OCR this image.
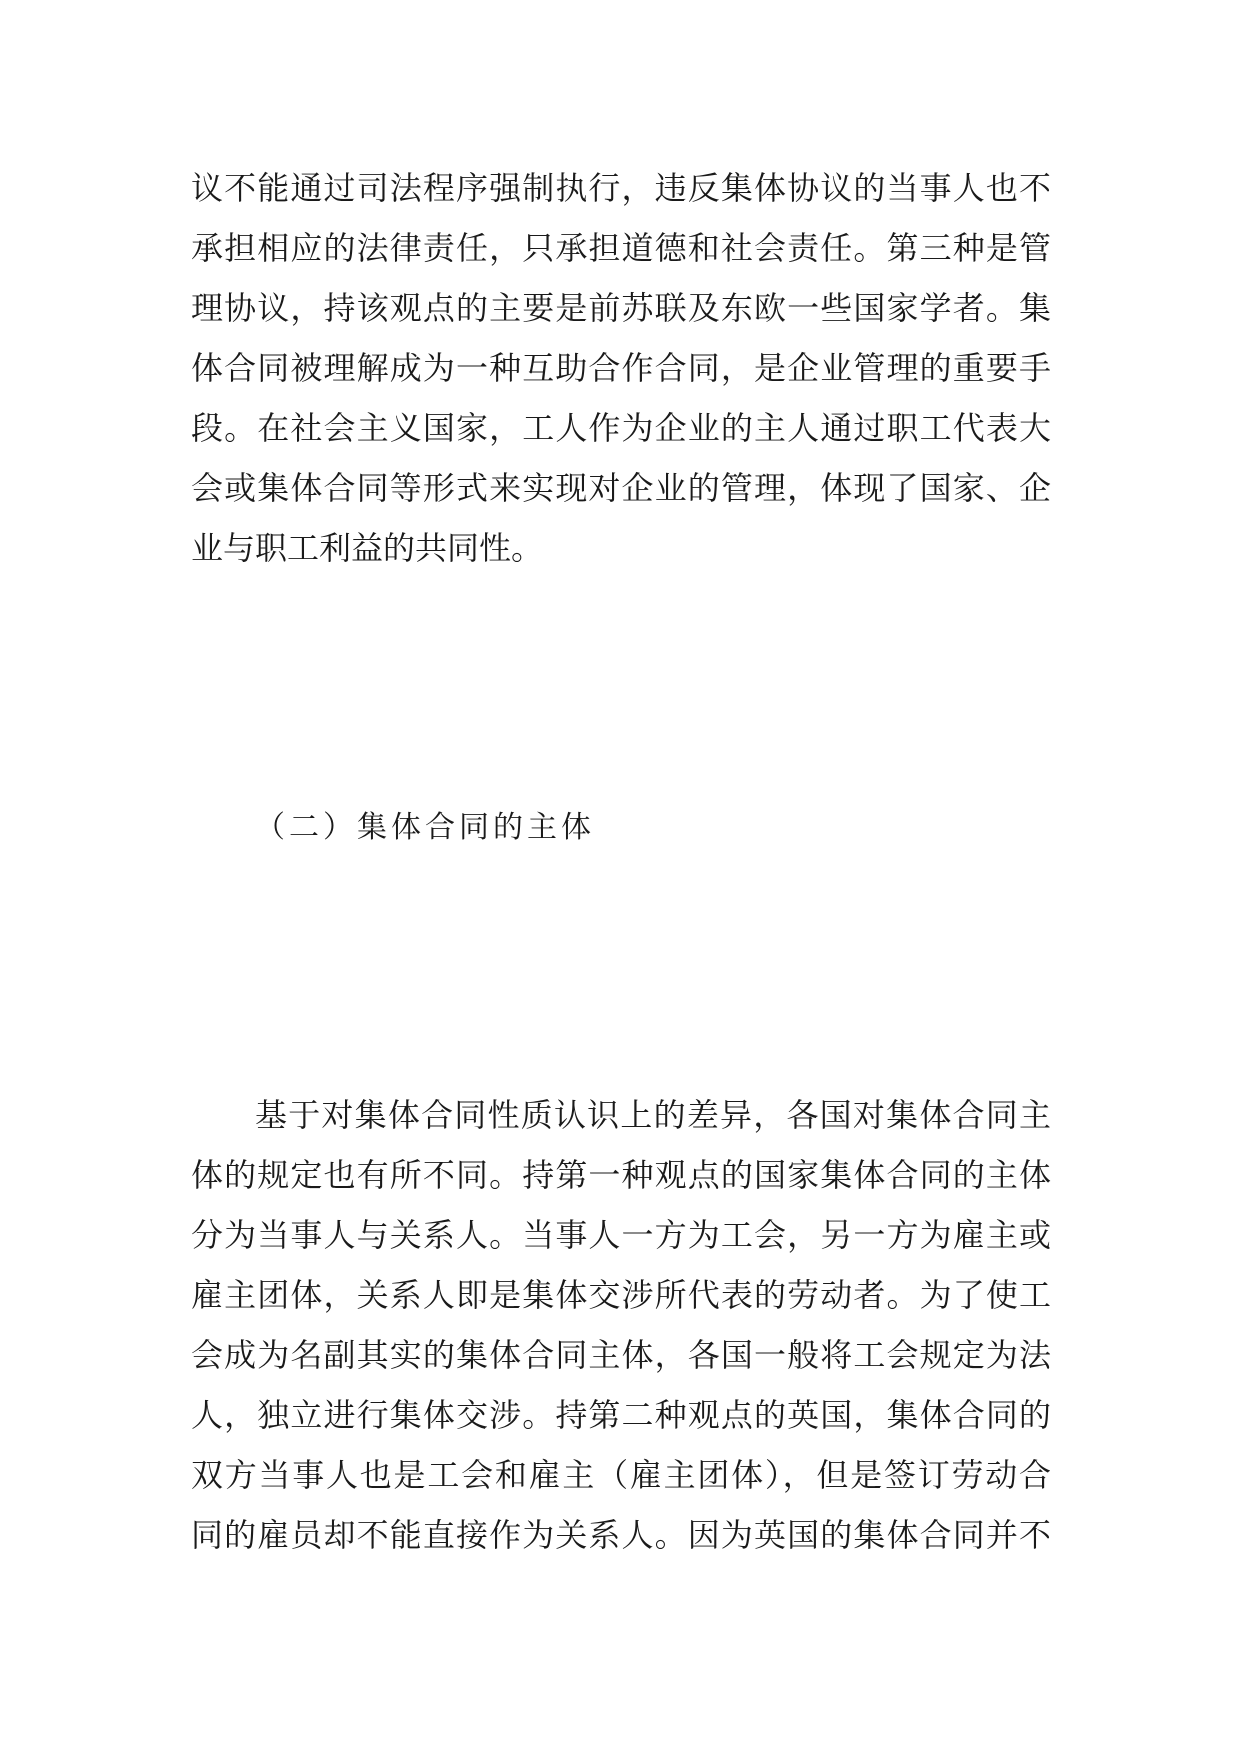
议不能通过司法程序强制执行，违反集体协议的当事人也不
承担相应的法律责任，只承担道德和社会责任。第三种是管
理协议，持该观点的主要是前苏联及东欧一些国家学者。集
体合同被理解成为一种互助合作合同，是企业管理的重要手
段。在社会主义国家，工人作为企业的主人通过职工代表大
会或集体合同等形式来实现对企业的管理，体现了国家、企
业与职工利益的共同性。
（二）集体合同的主体
基于对集体合同性质认识上的差异，各国对集体合同主
体的规定也有所不同。持第一种观点的国家集体合同的主体
分为当事人与关系人。当事人一方为工会，另一方为雇主或
雇主团体，关系人即是集体交涉所代表的劳动者。为了使工
会成为名副其实的集体合同主体，各国一般将工会规定为法
人，独立进行集体交涉。持第二种观点的英国，集体合同的
双方当事人也是工会和雇主（雇主团体），但是签订劳动合
同的雇员却不能直接作为关系人。因为英国的集体合同并不
